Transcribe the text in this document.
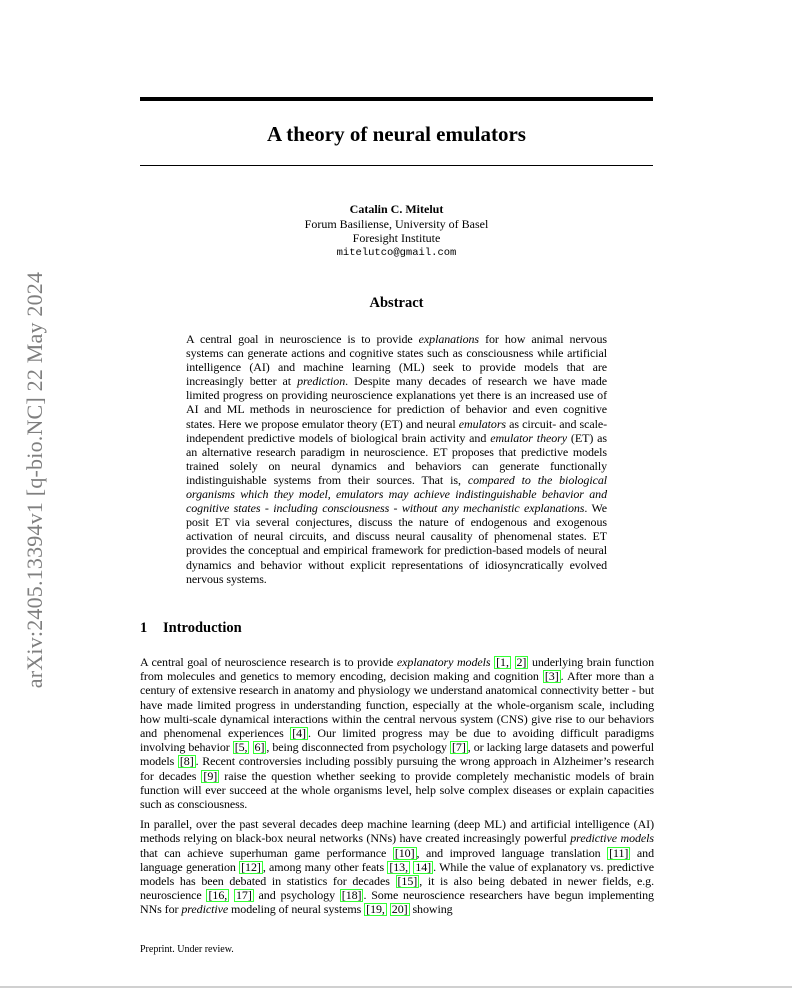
arXiv:2405.13394v1 [q-bio.NC] 22 May 2024
A theory of neural emulators
Catalin C. Mitelut
Forum Basiliense, University of Basel
Foresight Institute
mitelutco@gmail.com
Abstract

A central goal in neuroscience is to provide explanations for how animal nervous systems can generate actions and cognitive states such as consciousness while artificial intelligence (AI) and machine learning (ML) seek to provide models that are increasingly better at prediction. Despite many decades of research we have made limited progress on providing neuroscience explanations yet there is an increased use of AI and ML methods in neuroscience for prediction of behavior and even cognitive states. Here we propose emulator theory (ET) and neural emulators as circuit- and scale-independent predictive models of biological brain activity and emulator theory (ET) as an alternative research paradigm in neuroscience. ET proposes that predictive models trained solely on neural dynamics and behaviors can generate functionally indistinguishable systems from their sources. That is, compared to the biological organisms which they model, emulators may achieve indistinguishable behavior and cognitive states - including consciousness - without any mechanistic explanations. We posit ET via several conjectures, discuss the nature of endogenous and exogenous activation of neural circuits, and discuss neural causality of phenomenal states. ET provides the conceptual and empirical framework for prediction-based models of neural dynamics and behavior without explicit representations of idiosyncratically evolved nervous systems.

1 Introduction

A central goal of neuroscience research is to provide explanatory models [1, 2] underlying brain function from molecules and genetics to memory encoding, decision making and cognition [3] . After more than a century of extensive research in anatomy and physiology we understand anatomical connectivity better - but have made limited progress in understanding function, especially at the whole-organism scale, including how multi-scale dynamical interactions within the central nervous system (CNS) give rise to our behaviors and phenomenal experiences [4] . Our limited progress may be due to avoiding difficult paradigms involving behavior [5, 6] , being disconnected from psychology [7] , or lacking large datasets and powerful models [8] . Recent controversies including possibly pursuing the wrong approach in Alzheimer’s research for decades [9] raise the question whether seeking to provide completely mechanistic models of brain function will ever succeed at the whole organisms level, help solve complex diseases or explain capacities such as consciousness.

In parallel, over the past several decades deep machine learning (deep ML) and artificial intelligence (AI) methods relying on black-box neural networks (NNs) have created increasingly powerful predictive models that can achieve superhuman game performance [10] , and improved language translation [11] and language generation [12] , among many other feats [13, 14] . While the value of explanatory vs. predictive models has been debated in statistics for decades [15] , it is also being debated in newer fields, e.g. neuroscience [16, 17] and psychology [18] . Some neuroscience researchers have begun implementing NNs for predictive modeling of neural systems [19, 20] showing

Preprint. Under review.
